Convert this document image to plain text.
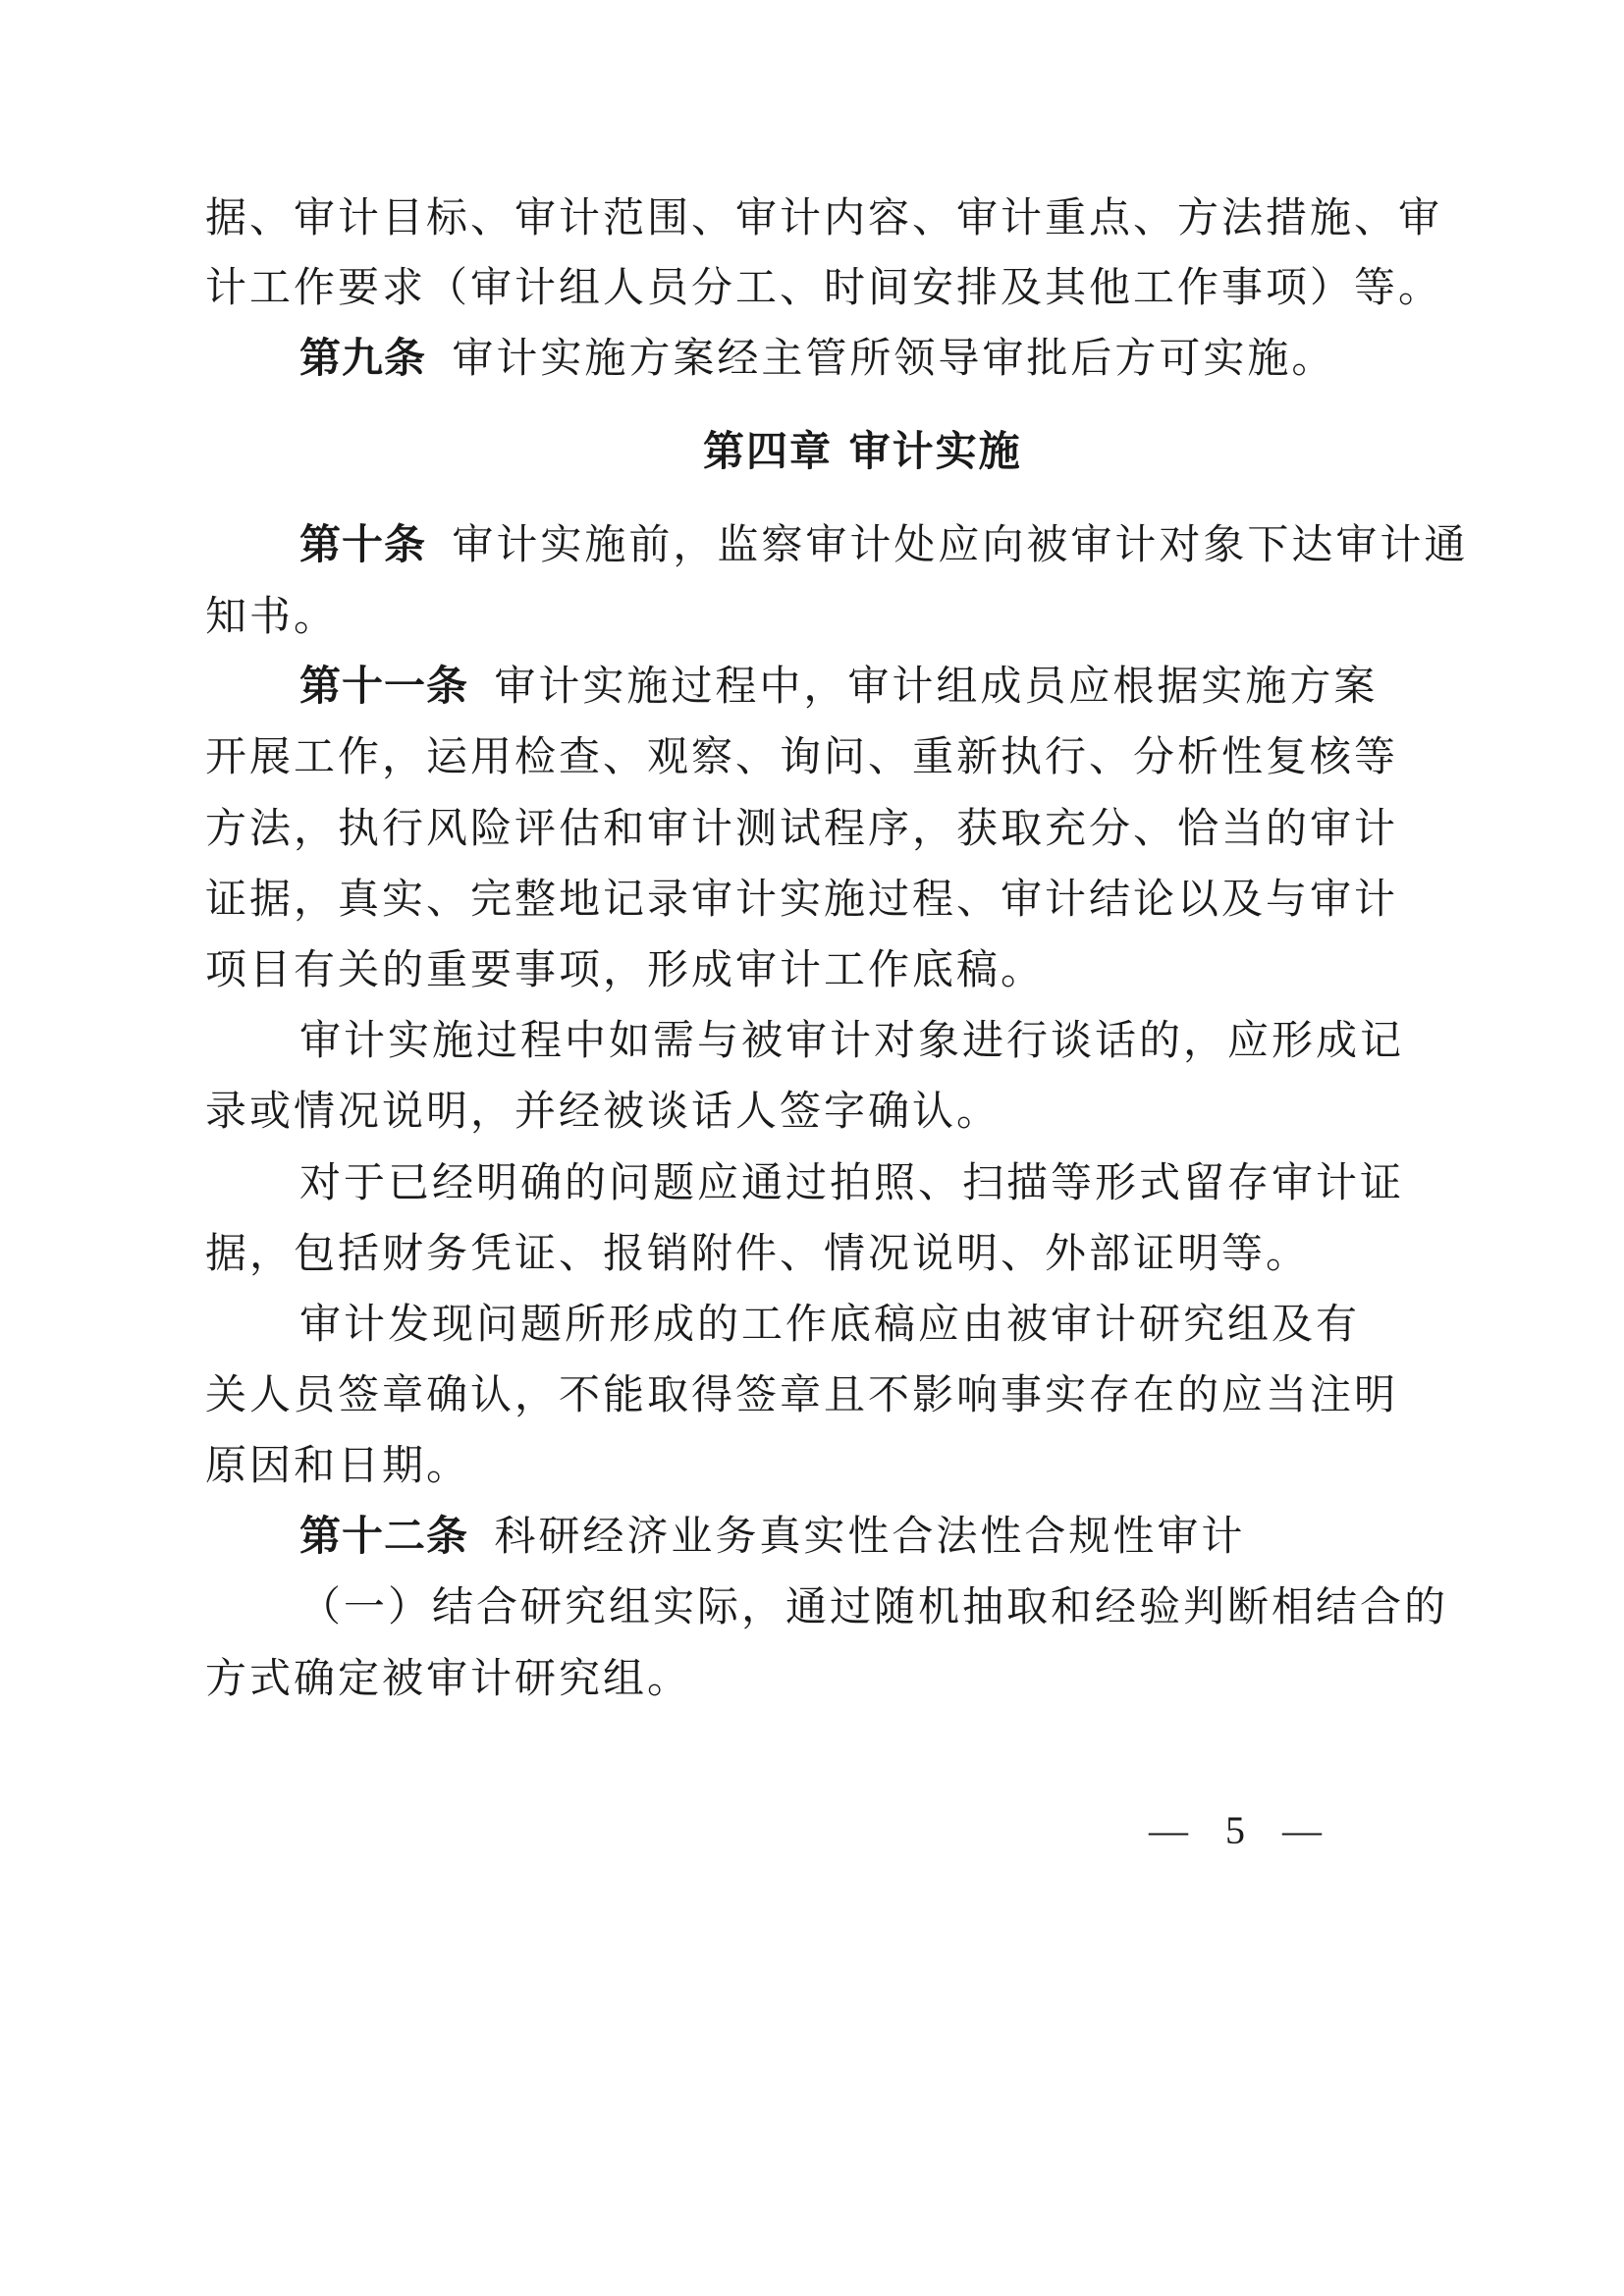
据、审计目标、审计范围、审计内容、审计重点、方法措施、审
计工作要求（审计组人员分工、时间安排及其他工作事项）等。
第九条 审计实施方案经主管所领导审批后方可实施。
第四章 审计实施
第十条 审计实施前，监察审计处应向被审计对象下达审计通
知书。
第十一条 审计实施过程中，审计组成员应根据实施方案
开展工作，运用检查、观察、询问、重新执行、分析性复核等
方法，执行风险评估和审计测试程序，获取充分、恰当的审计
证据，真实、完整地记录审计实施过程、审计结论以及与审计
项目有关的重要事项，形成审计工作底稿。
审计实施过程中如需与被审计对象进行谈话的，应形成记
录或情况说明，并经被谈话人签字确认。
对于已经明确的问题应通过拍照、扫描等形式留存审计证
据，包括财务凭证、报销附件、情况说明、外部证明等。
审计发现问题所形成的工作底稿应由被审计研究组及有
关人员签章确认，不能取得签章且不影响事实存在的应当注明
原因和日期。
第十二条 科研经济业务真实性合法性合规性审计
（一）结合研究组实际，通过随机抽取和经验判断相结合的
方式确定被审计研究组。
— 5 —
